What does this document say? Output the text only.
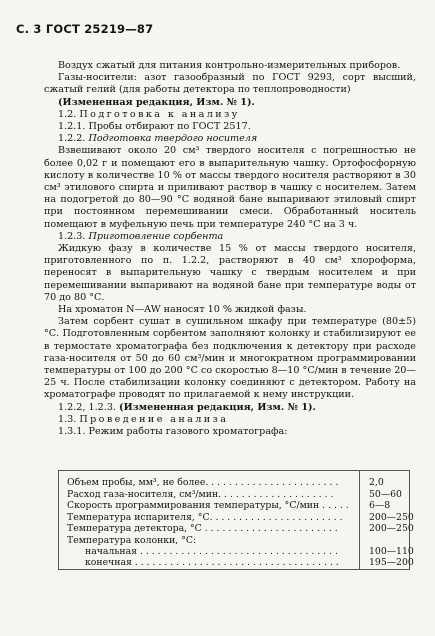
С. 3 ГОСТ 25219—87

Воздух сжатый для питания контрольно-измерительных приборов.

Газы-носители: азот газообразный по ГОСТ 9293, сорт высший, сжатый гелий (для работы детектора по теплопроводности)

(Измененная редакция, Изм. № 1).

1.2. Подготовка к анализу

1.2.1. Пробы отбирают по ГОСТ 2517.

1.2.2. Подготовка твердого носителя

Взвешивают около 20 см³ твердого носителя с погрешностью не более 0,02 г и помещают его в выпарительную чашку. Ортофосфорную кислоту в количестве 10 % от массы твердого носителя растворяют в 30 см³ этилового спирта и приливают раствор в чашку с носителем. Затем на подогретой до 80—90 °С водяной бане выпаривают этиловый спирт при постоянном перемешивании смеси. Обработанный носитель помещают в муфельную печь при температуре 240 °С на 3 ч.

1.2.3. Приготовление сорбента

Жидкую фазу в количестве 15 % от массы твердого носителя, приготовленного по п. 1.2.2, растворяют в 40 см³ хлороформа, переносят в выпарительную чашку с твердым носителем и при перемешивании выпаривают на водяной бане при температуре воды от 70 до 80 °С.

На хроматон N—AW наносят 10 % жидкой фазы.

Затем сорбент сушат в сушильном шкафу при температуре (80±5) °С. Подготовленным сорбентом заполняют колонку и стабилизируют ее в термостате хроматографа без подключения к детектору при расходе газа-носителя от 50 до 60 см³/мин и многократном программировании температуры от 100 до 200 °С со скоростью 8—10 °С/мин в течение 20—25 ч. После стабилизации колонку соединяют с детектором. Работу на хроматографе проводят по прилагаемой к нему инструкции.

1.2.2, 1.2.3. (Измененная редакция, Изм. № 1).

1.3. Проведение анализа

1.3.1. Режим работы газового хроматографа:

Объем пробы, мм³, не более. . . . . . . . . . . . . . . . . . . . . . .	2,0
Расход газа-носителя, см³/мин. . . . . . . . . . . . . . . . . . . .	50—60
Скорость программирования температуры, °С/мин . . . . . 6—8
Температура испарителя, °С. . . . . . . . . . . . . . . . . . . . . . .	200—250
Температура детектора, °С . . . . . . . . . . . . . . . . . . . . . . .	200—250
Температура колонки, °С:
начальная . . . . . . . . . . . . . . . . . . . . . . . . . . . . . . . . . .	100—110
конечная . . . . . . . . . . . . . . . . . . . . . . . . . . . . . . . . . . .	195—200
